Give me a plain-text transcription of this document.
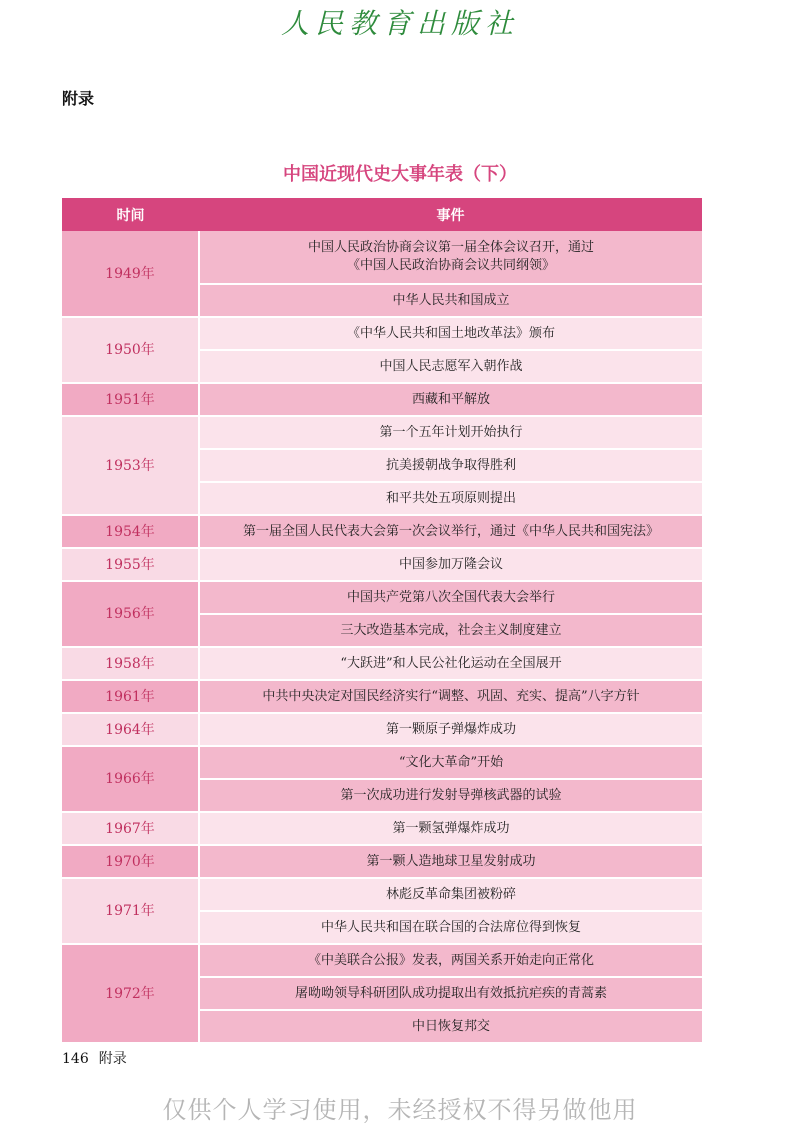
人民教育出版社
附录
中国近现代史大事年表（下）
时间	事件
1949年	中国人民政治协商会议第一届全体会议召开，通过
《中国人民政治协商会议共同纲领》
	中华人民共和国成立
1950年	《中华人民共和国土地改革法》颁布
	中国人民志愿军入朝作战
1951年	西藏和平解放
1953年	第一个五年计划开始执行
	抗美援朝战争取得胜利
	和平共处五项原则提出
1954年	第一届全国人民代表大会第一次会议举行，通过《中华人民共和国宪法》
1955年	中国参加万隆会议
1956年	中国共产党第八次全国代表大会举行
	三大改造基本完成，社会主义制度建立
1958年	“大跃进”和人民公社化运动在全国展开
1961年	中共中央决定对国民经济实行“调整、巩固、充实、提高”八字方针
1964年	第一颗原子弹爆炸成功
1966年	“文化大革命”开始
	第一次成功进行发射导弹核武器的试验
1967年	第一颗氢弹爆炸成功
1970年	第一颗人造地球卫星发射成功
1971年	林彪反革命集团被粉碎
	中华人民共和国在联合国的合法席位得到恢复
1972年	《中美联合公报》发表，两国关系开始走向正常化
	屠呦呦领导科研团队成功提取出有效抵抗疟疾的青蒿素
	中日恢复邦交
146 附录
仅供个人学习使用，未经授权不得另做他用
